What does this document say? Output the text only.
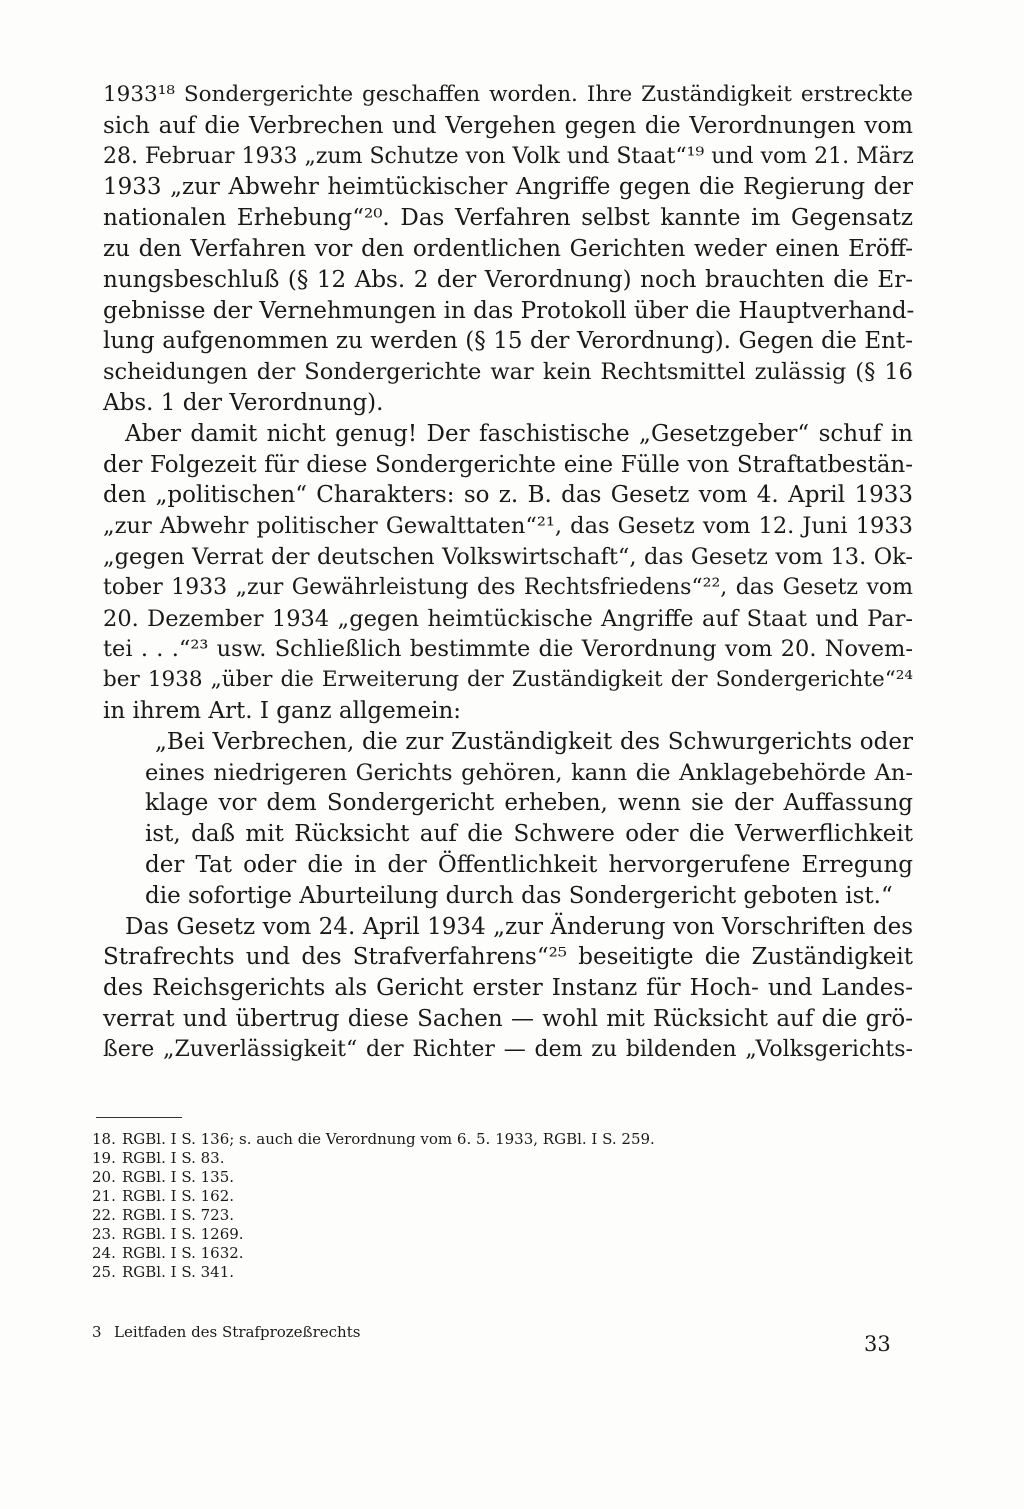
1933¹⁸ Sondergerichte geschaffen worden. Ihre Zuständigkeit erstreckte
sich auf die Verbrechen und Vergehen gegen die Verordnungen vom
28. Februar 1933 „zum Schutze von Volk und Staat“¹⁹ und vom 21. März
1933 „zur Abwehr heimtückischer Angriffe gegen die Regierung der
nationalen Erhebung“²⁰. Das Verfahren selbst kannte im Gegensatz
zu den Verfahren vor den ordentlichen Gerichten weder einen Eröff-
nungsbeschluß (§ 12 Abs. 2 der Verordnung) noch brauchten die Er-
gebnisse der Vernehmungen in das Protokoll über die Hauptverhand-
lung aufgenommen zu werden (§ 15 der Verordnung). Gegen die Ent-
scheidungen der Sondergerichte war kein Rechtsmittel zulässig (§ 16
Abs. 1 der Verordnung).
Aber damit nicht genug! Der faschistische „Gesetzgeber“ schuf in
der Folgezeit für diese Sondergerichte eine Fülle von Straftatbestän-
den „politischen“ Charakters: so z. B. das Gesetz vom 4. April 1933
„zur Abwehr politischer Gewalttaten“²¹, das Gesetz vom 12. Juni 1933
„gegen Verrat der deutschen Volkswirtschaft“, das Gesetz vom 13. Ok-
tober 1933 „zur Gewährleistung des Rechtsfriedens“²², das Gesetz vom
20. Dezember 1934 „gegen heimtückische Angriffe auf Staat und Par-
tei . . .“²³ usw. Schließlich bestimmte die Verordnung vom 20. Novem-
ber 1938 „über die Erweiterung der Zuständigkeit der Sondergerichte“²⁴
in ihrem Art. I ganz allgemein:
„Bei Verbrechen, die zur Zuständigkeit des Schwurgerichts oder
eines niedrigeren Gerichts gehören, kann die Anklagebehörde An-
klage vor dem Sondergericht erheben, wenn sie der Auffassung
ist, daß mit Rücksicht auf die Schwere oder die Verwerflichkeit
der Tat oder die in der Öffentlichkeit hervorgerufene Erregung
die sofortige Aburteilung durch das Sondergericht geboten ist.“
Das Gesetz vom 24. April 1934 „zur Änderung von Vorschriften des
Strafrechts und des Strafverfahrens“²⁵ beseitigte die Zuständigkeit
des Reichsgerichts als Gericht erster Instanz für Hoch- und Landes-
verrat und übertrug diese Sachen — wohl mit Rücksicht auf die grö-
ßere „Zuverlässigkeit“ der Richter — dem zu bildenden „Volksgerichts-
18. RGBl. I S. 136; s. auch die Verordnung vom 6. 5. 1933, RGBl. I S. 259.
19. RGBl. I S. 83.
20. RGBl. I S. 135.
21. RGBl. I S. 162.
22. RGBl. I S. 723.
23. RGBl. I S. 1269.
24. RGBl. I S. 1632.
25. RGBl. I S. 341.
3 Leitfaden des Strafprozeßrechts	33
